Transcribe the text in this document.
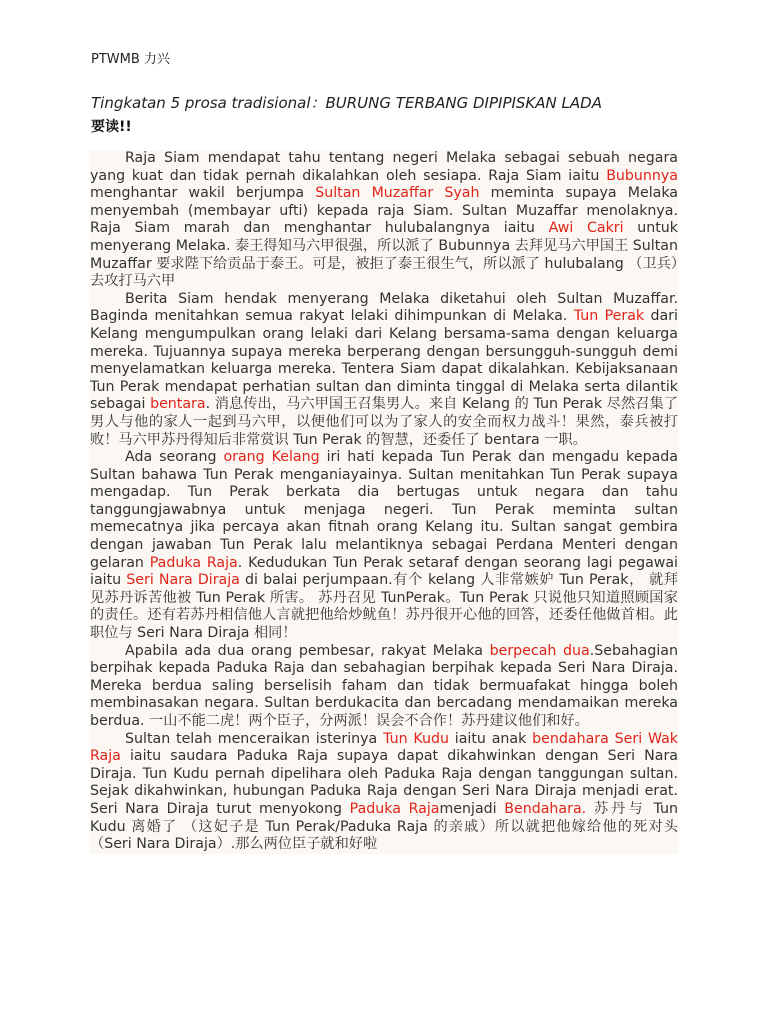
PTWMB 力兴
Tingkatan 5 prosa tradisional：BURUNG TERBANG DIPIPISKAN LADA
要读!!

Raja Siam mendapat tahu tentang negeri Melaka sebagai sebuah negara yang kuat dan tidak pernah dikalahkan oleh sesiapa. Raja Siam iaitu Bubunnya menghantar wakil berjumpa Sultan Muzaffar Syah meminta supaya Melaka menyembah (membayar ufti) kepada raja Siam. Sultan Muzaffar menolaknya. Raja Siam marah dan menghantar hulubalangnya iaitu Awi Cakri untuk menyerang Melaka. 泰王得知马六甲很强，所以派了 Bubunnya 去拜见马六甲国王 Sultan Muzaffar 要求陛下给贡品于泰王。可是，被拒了泰王很生气，所以派了 hulubalang （卫兵）去攻打马六甲

Berita Siam hendak menyerang Melaka diketahui oleh Sultan Muzaffar. Baginda menitahkan semua rakyat lelaki dihimpunkan di Melaka. Tun Perak dari Kelang mengumpulkan orang lelaki dari Kelang bersama-sama dengan keluarga mereka. Tujuannya supaya mereka berperang dengan bersungguh-sungguh demi menyelamatkan keluarga mereka. Tentera Siam dapat dikalahkan. Kebijaksanaan Tun Perak mendapat perhatian sultan dan diminta tinggal di Melaka serta dilantik sebagai bentara. 消息传出，马六甲国王召集男人。来自 Kelang 的 Tun Perak 尽然召集了男人与他的家人一起到马六甲，以便他们可以为了家人的安全而权力战斗！果然，泰兵被打败！马六甲苏丹得知后非常赏识 Tun Perak 的智慧，还委任了 bentara 一职。

Ada seorang orang Kelang iri hati kepada Tun Perak dan mengadu kepada Sultan bahawa Tun Perak menganiayainya. Sultan menitahkan Tun Perak supaya mengadap. Tun Perak berkata dia bertugas untuk negara dan tahu tanggungjawabnya untuk menjaga negeri. Tun Perak meminta sultan memecatnya jika percaya akan fitnah orang Kelang itu. Sultan sangat gembira dengan jawaban Tun Perak lalu melantiknya sebagai Perdana Menteri dengan gelaran Paduka Raja. Kedudukan Tun Perak setaraf dengan seorang lagi pegawai iaitu Seri Nara Diraja di balai perjumpaan.有个 kelang 人非常嫉妒 Tun Perak， 就拜见苏丹诉苦他被 Tun Perak 所害。 苏丹召见 TunPerak。Tun Perak 只说他只知道照顾国家的责任。还有若苏丹相信他人言就把他给炒鱿鱼！苏丹很开心他的回答，还委任他做首相。此职位与 Seri Nara Diraja 相同！

Apabila ada dua orang pembesar, rakyat Melaka berpecah dua.Sebahagian berpihak kepada Paduka Raja dan sebahagian berpihak kepada Seri Nara Diraja. Mereka berdua saling berselisih faham dan tidak bermuafakat hingga boleh membinasakan negara. Sultan berdukacita dan bercadang mendamaikan mereka berdua. 一山不能二虎！两个臣子，分两派！误会不合作！苏丹建议他们和好。

Sultan telah menceraikan isterinya Tun Kudu iaitu anak bendahara Seri Wak Raja iaitu saudara Paduka Raja supaya dapat dikahwinkan dengan Seri Nara Diraja. Tun Kudu pernah dipelihara oleh Paduka Raja dengan tanggungan sultan. Sejak dikahwinkan, hubungan Paduka Raja dengan Seri Nara Diraja menjadi erat. Seri Nara Diraja turut menyokong Paduka Rajamenjadi Bendahara. 苏丹与 Tun Kudu 离婚了 （这妃子是 Tun Perak/Paduka Raja 的亲戚）所以就把他嫁给他的死对头（Seri Nara Diraja）.那么两位臣子就和好啦
